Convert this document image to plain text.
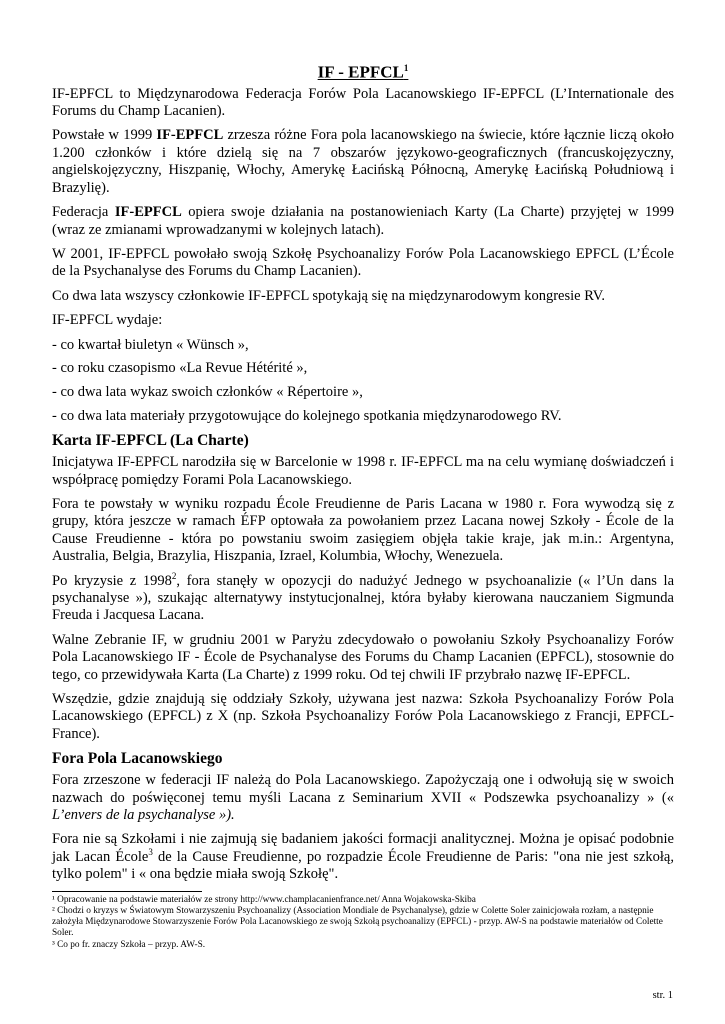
IF - EPFCL$^1$

IF-EPFCL to Międzynarodowa Federacja Forów Pola Lacanowskiego IF-EPFCL (L’Internationale des Forums du Champ Lacanien).

Powstałe w 1999 IF-EPFCL zrzesza różne Fora pola lacanowskiego na świecie, które łącznie liczą około 1.200 członków i które dzielą się na 7 obszarów językowo-geograficznych (francuskojęzyczny, angielskojęzyczny, Hiszpanię, Włochy, Amerykę Łacińską Północną, Amerykę Łacińską Południową i Brazylię).

Federacja IF-EPFCL opiera swoje działania na postanowieniach Karty (La Charte) przyjętej w 1999 (wraz ze zmianami wprowadzanymi w kolejnych latach).

W 2001, IF-EPFCL powołało swoją Szkołę Psychoanalizy Forów Pola Lacanowskiego EPFCL (L’École de la Psychanalyse des Forums du Champ Lacanien).

Co dwa lata wszyscy członkowie IF-EPFCL spotykają się na międzynarodowym kongresie RV.

IF-EPFCL wydaje:

- co kwartał biuletyn « Wünsch »,

- co roku czasopismo «La Revue Hétérité »,

- co dwa lata wykaz swoich członków « Répertoire »,

- co dwa lata materiały przygotowujące do kolejnego spotkania międzynarodowego RV.

Karta IF-EPFCL (La Charte)

Inicjatywa IF-EPFCL narodziła się w Barcelonie w 1998 r. IF-EPFCL ma na celu wymianę doświadczeń i współpracę pomiędzy Forami Pola Lacanowskiego.

Fora te powstały w wyniku rozpadu École Freudienne de Paris Lacana w 1980 r. Fora wywodzą się z grupy, która jeszcze w ramach ÉFP optowała za powołaniem przez Lacana nowej Szkoły - École de la Cause Freudienne - która po powstaniu swoim zasięgiem objęła takie kraje, jak m.in.: Argentyna, Australia, Belgia, Brazylia, Hiszpania, Izrael, Kolumbia, Włochy, Wenezuela.

Po kryzysie z 1998$^2$, fora stanęły w opozycji do nadużyć Jednego w psychoanalizie (« l’Un dans la psychanalyse »), szukając alternatywy instytucjonalnej, która byłaby kierowana nauczaniem Sigmunda Freuda i Jacquesa Lacana.

Walne Zebranie IF, w grudniu 2001 w Paryżu zdecydowało o powołaniu Szkoły Psychoanalizy Forów Pola Lacanowskiego IF - École de Psychanalyse des Forums du Champ Lacanien (EPFCL), stosownie do tego, co przewidywała Karta (La Charte) z 1999 roku. Od tej chwili IF przybrało nazwę IF-EPFCL.

Wszędzie, gdzie znajdują się oddziały Szkoły, używana jest nazwa: Szkoła Psychoanalizy Forów Pola Lacanowskiego (EPFCL) z X (np. Szkoła Psychoanalizy Forów Pola Lacanowskiego z Francji, EPFCL-France).

Fora Pola Lacanowskiego

Fora zrzeszone w federacji IF należą do Pola Lacanowskiego. Zapożyczają one i odwołują się w swoich nazwach do poświęconej temu myśli Lacana z Seminarium XVII « Podszewka psychoanalizy » (« L’envers de la psychanalyse »).

Fora nie są Szkołami i nie zajmują się badaniem jakości formacji analitycznej. Można je opisać podobnie jak Lacan École$^3$ de la Cause Freudienne, po rozpadzie École Freudienne de Paris: "ona nie jest szkołą, tylko polem" i « ona będzie miała swoją Szkołę".

¹ Opracowanie na podstawie materiałów ze strony http://www.champlacanienfrance.net/ Anna Wojakowska-Skiba
² Chodzi o kryzys w Światowym Stowarzyszeniu Psychoanalizy (Association Mondiale de Psychanalyse), gdzie w Colette Soler zainicjowała rozłam, a następnie założyła Międzynarodowe Stowarzyszenie Forów Pola Lacanowskiego ze swoją Szkołą psychoanalizy (EPFCL) - przyp. AW-S na podstawie materiałów od Colette Soler.
³ Co po fr. znaczy Szkoła – przyp. AW-S.
str. 1
